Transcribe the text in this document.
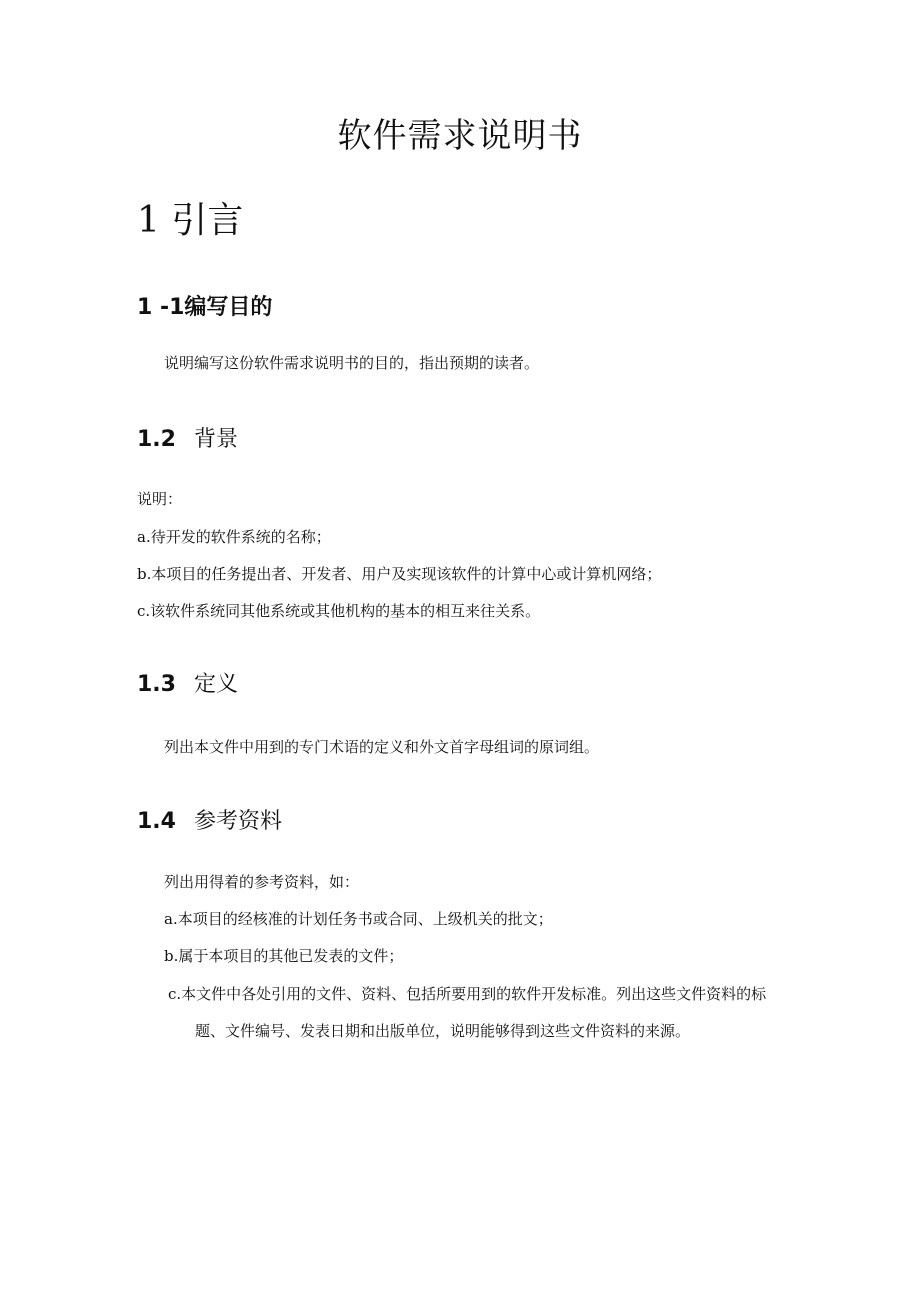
软件需求说明书
1 引言
1 -1编写目的
说明编写这份软件需求说明书的目的，指出预期的读者。
1.2 背景
说明：
a.待开发的软件系统的名称；
b.本项目的任务提出者、开发者、用户及实现该软件的计算中心或计算机网络；
c.该软件系统同其他系统或其他机构的基本的相互来往关系。
1.3 定义
列出本文件中用到的专门术语的定义和外文首字母组词的原词组。
1.4 参考资料
列出用得着的参考资料，如：
a.本项目的经核准的计划任务书或合同、上级机关的批文；
b.属于本项目的其他已发表的文件；
c.本文件中各处引用的文件、资料、包括所要用到的软件开发标准。列出这些文件资料的标
题、文件编号、发表日期和出版单位，说明能够得到这些文件资料的来源。
